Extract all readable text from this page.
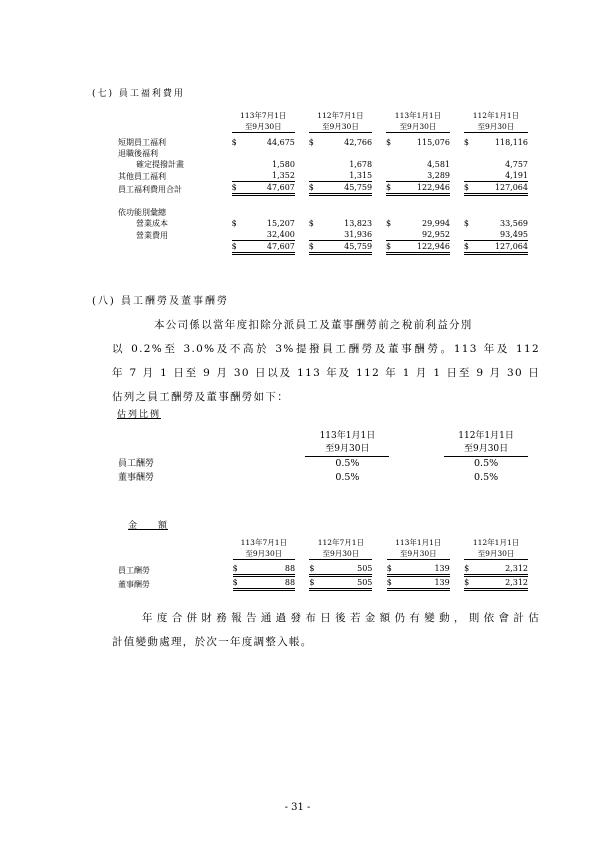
(七) 員工福利費用
		113年7月1日			112年7月1日			113年1月1日			112年1月1日	
		至9月30日			至9月30日			至9月30日			至9月30日	

短期員工福利		$	44,675		$	42,766		$	115,076		$	118,116
退職後福利												
確定提撥計畫			1,580			1,678			4,581			4,757
其他員工福利			1,352			1,315			3,289			4,191
員工福利費用合計		$	47,607		$	45,759		$	122,946		$	127,064

依功能別彙總												
營業成本		$	15,207		$	13,823		$	29,994		$	33,569
營業費用			32,400			31,936			92,952			93,495
		$	47,607		$	45,759		$	122,946		$	127,064
(八) 員工酬勞及董事酬勞
本公司係以當年度扣除分派員工及董事酬勞前之稅前利益分別
以 0.2%至 3.0%及不高於 3%提撥員工酬勞及董事酬勞。113 年及 112
年 7 月 1 日至 9 月 30 日以及 113 年及 112 年 1 月 1 日至 9 月 30 日
估列之員工酬勞及董事酬勞如下：
估列比例
	113年1月1日		112年1月1日
	至9月30日		至9月30日
員工酬勞	0.5%		0.5%
董事酬勞	0.5%		0.5%
金　　額
		113年7月1日			112年7月1日			113年1月1日			112年1月1日	
		至9月30日			至9月30日			至9月30日			至9月30日	

員工酬勞		$	88		$	505		$	139		$	2,312
董事酬勞		$	88		$	505		$	139		$	2,312
年度合併財務報告通過發布日後若金額仍有變動，則依會計估
計值變動處理，於次一年度調整入帳。
- 31 -
